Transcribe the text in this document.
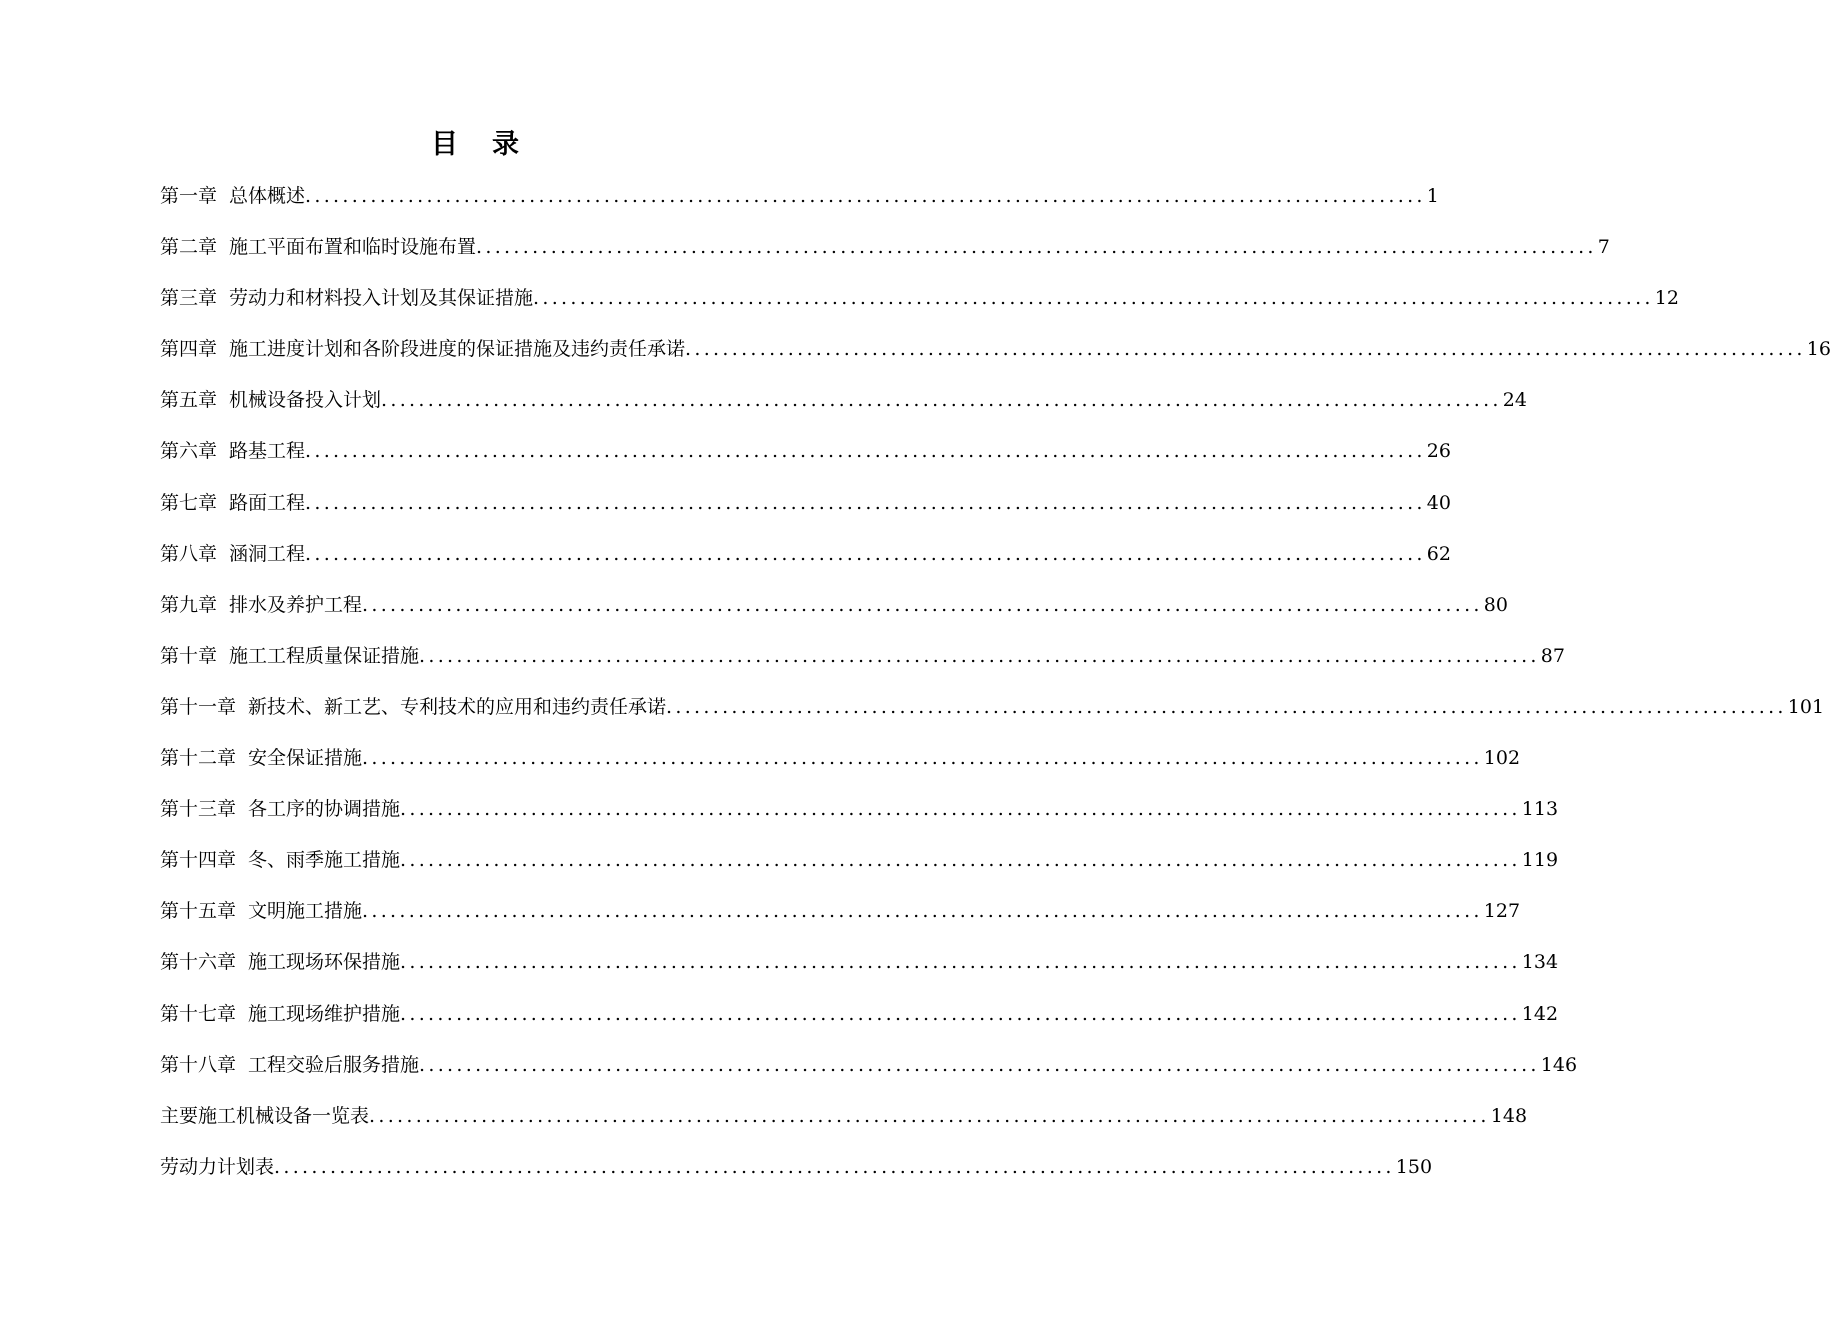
目 录
第一章 总体概述 ........................................................................................................................ 1
第二章 施工平面布置和临时设施布置 ........................................................................................................................ 7
第三章 劳动力和材料投入计划及其保证措施 ........................................................................................................................ 12
第四章 施工进度计划和各阶段进度的保证措施及违约责任承诺 ........................................................................................................................ 16
第五章 机械设备投入计划 ........................................................................................................................ 24
第六章 路基工程 ........................................................................................................................ 26
第七章 路面工程 ........................................................................................................................ 40
第八章 涵洞工程 ........................................................................................................................ 62
第九章 排水及养护工程 ........................................................................................................................ 80
第十章 施工工程质量保证措施 ........................................................................................................................ 87
第十一章 新技术、新工艺、专利技术的应用和违约责任承诺 ........................................................................................................................ 101
第十二章 安全保证措施 ........................................................................................................................ 102
第十三章 各工序的协调措施 ........................................................................................................................ 113
第十四章 冬、雨季施工措施 ........................................................................................................................ 119
第十五章 文明施工措施 ........................................................................................................................ 127
第十六章 施工现场环保措施 ........................................................................................................................ 134
第十七章 施工现场维护措施 ........................................................................................................................ 142
第十八章 工程交验后服务措施 ........................................................................................................................ 146
主要施工机械设备一览表 ........................................................................................................................ 148
劳动力计划表 ........................................................................................................................ 150
